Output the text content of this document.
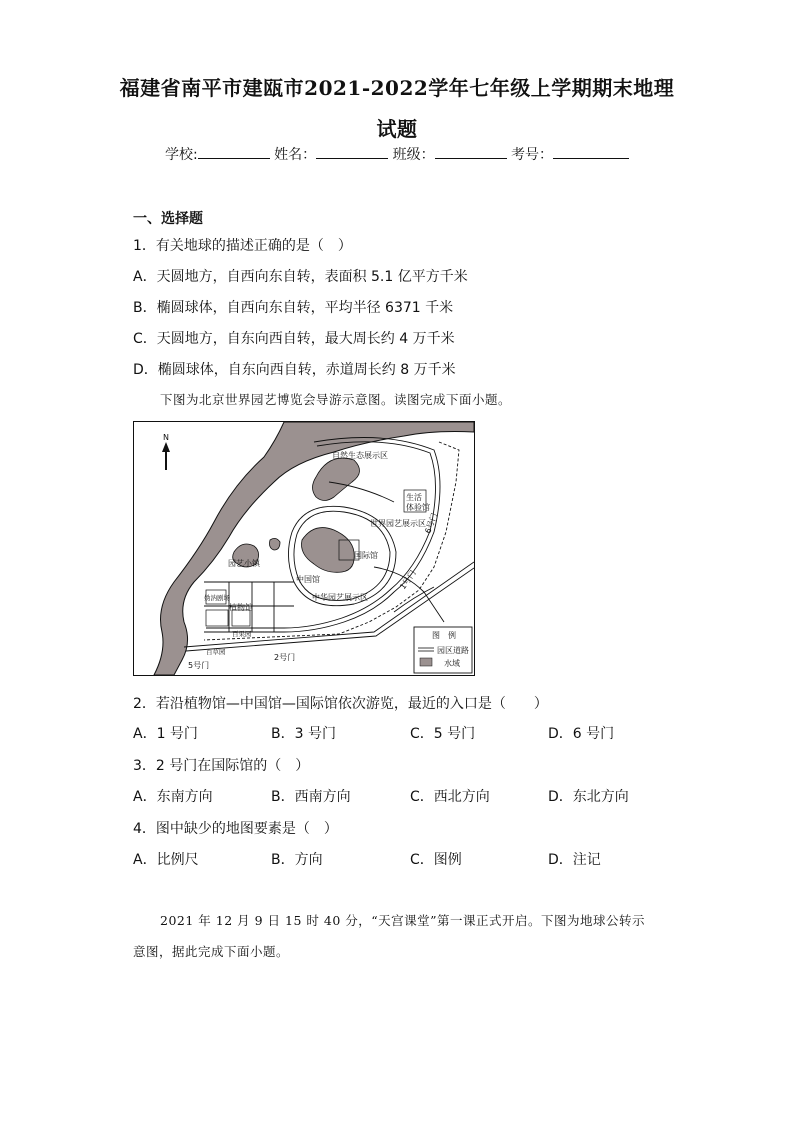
福建省南平市建瓯市2021-2022学年七年级上学期期末地理
试题
学校:	姓名：	班级：	考号：
一、选择题
1．有关地球的描述正确的是（　）
A．天圆地方，自西向东自转，表面积 5.1 亿平方千米
B．椭圆球体，自西向东自转，平均半径 6371 千米
C．天圆地方，自东向西自转，最大周长约 4 万千米
D．椭圆球体，自东向西自转，赤道周长约 8 万千米
下图为北京世界园艺博览会导游示意图。读图完成下面小题。
N
自然生态展示区
生活
体验馆
世界园艺展示区
国际馆
园艺小镇
中国馆
中华园艺展示区
植物馆
百草园
5号门
百果园
妫汭剧场
6号门
1号门
2号门
图　例
园区道路
水域
2．若沿植物馆—中国馆—国际馆依次游览，最近的入口是（　　）
A．1 号门	B．3 号门	C．5 号门	D．6 号门
3．2 号门在国际馆的（　）
A．东南方向	B．西南方向	C．西北方向	D．东北方向
4．图中缺少的地图要素是（　）
A．比例尺	B．方向	C．图例	D．注记
2021 年 12 月 9 日 15 时 40 分，“天宫课堂”第一课正式开启。下图为地球公转示
意图，据此完成下面小题。
